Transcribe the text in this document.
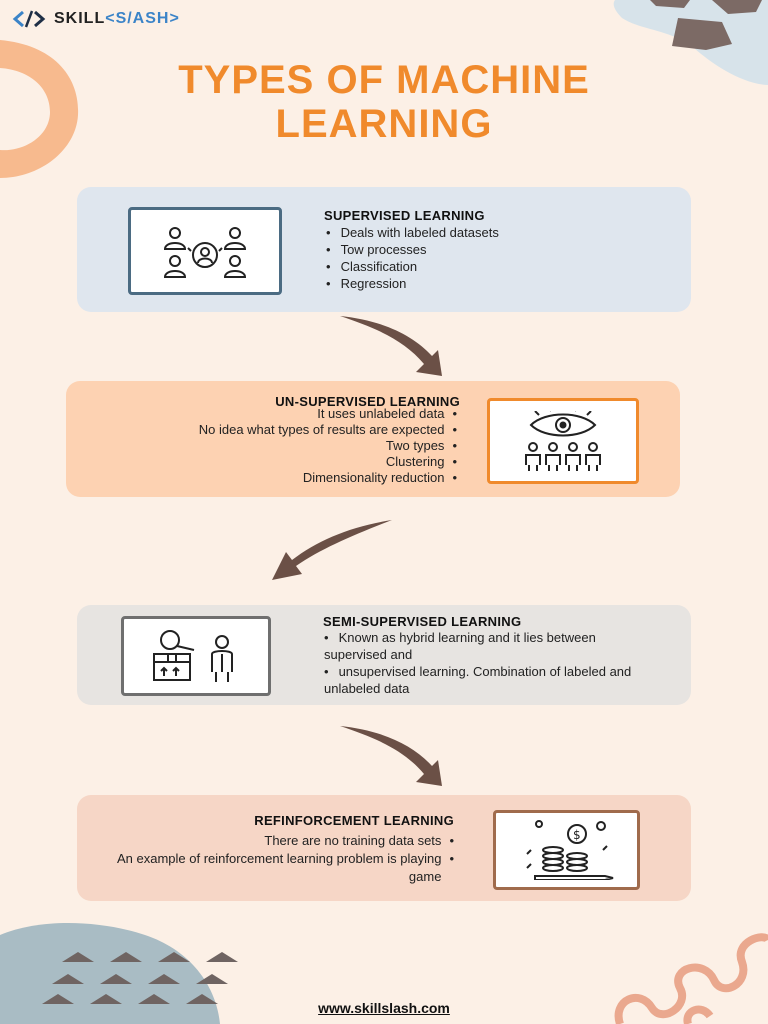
SKILL<S/ASH>
TYPES OF MACHINE
LEARNING
SUPERVISED LEARNING
• Deals with labeled datasets
• Tow processes
• Classification
• Regression
UN-SUPERVISED LEARNING
It uses unlabeled data •
No idea what types of results are expected •
Two types •
Clustering •
Dimensionality reduction •
SEMI-SUPERVISED LEARNING
• Known as hybrid learning and it lies between supervised and
• unsupervised learning. Combination of labeled and unlabeled data
$
REFINFORCEMENT LEARNING
There are no training data sets •
An example of reinforcement learning problem is playing game•
www.skillslash.com
